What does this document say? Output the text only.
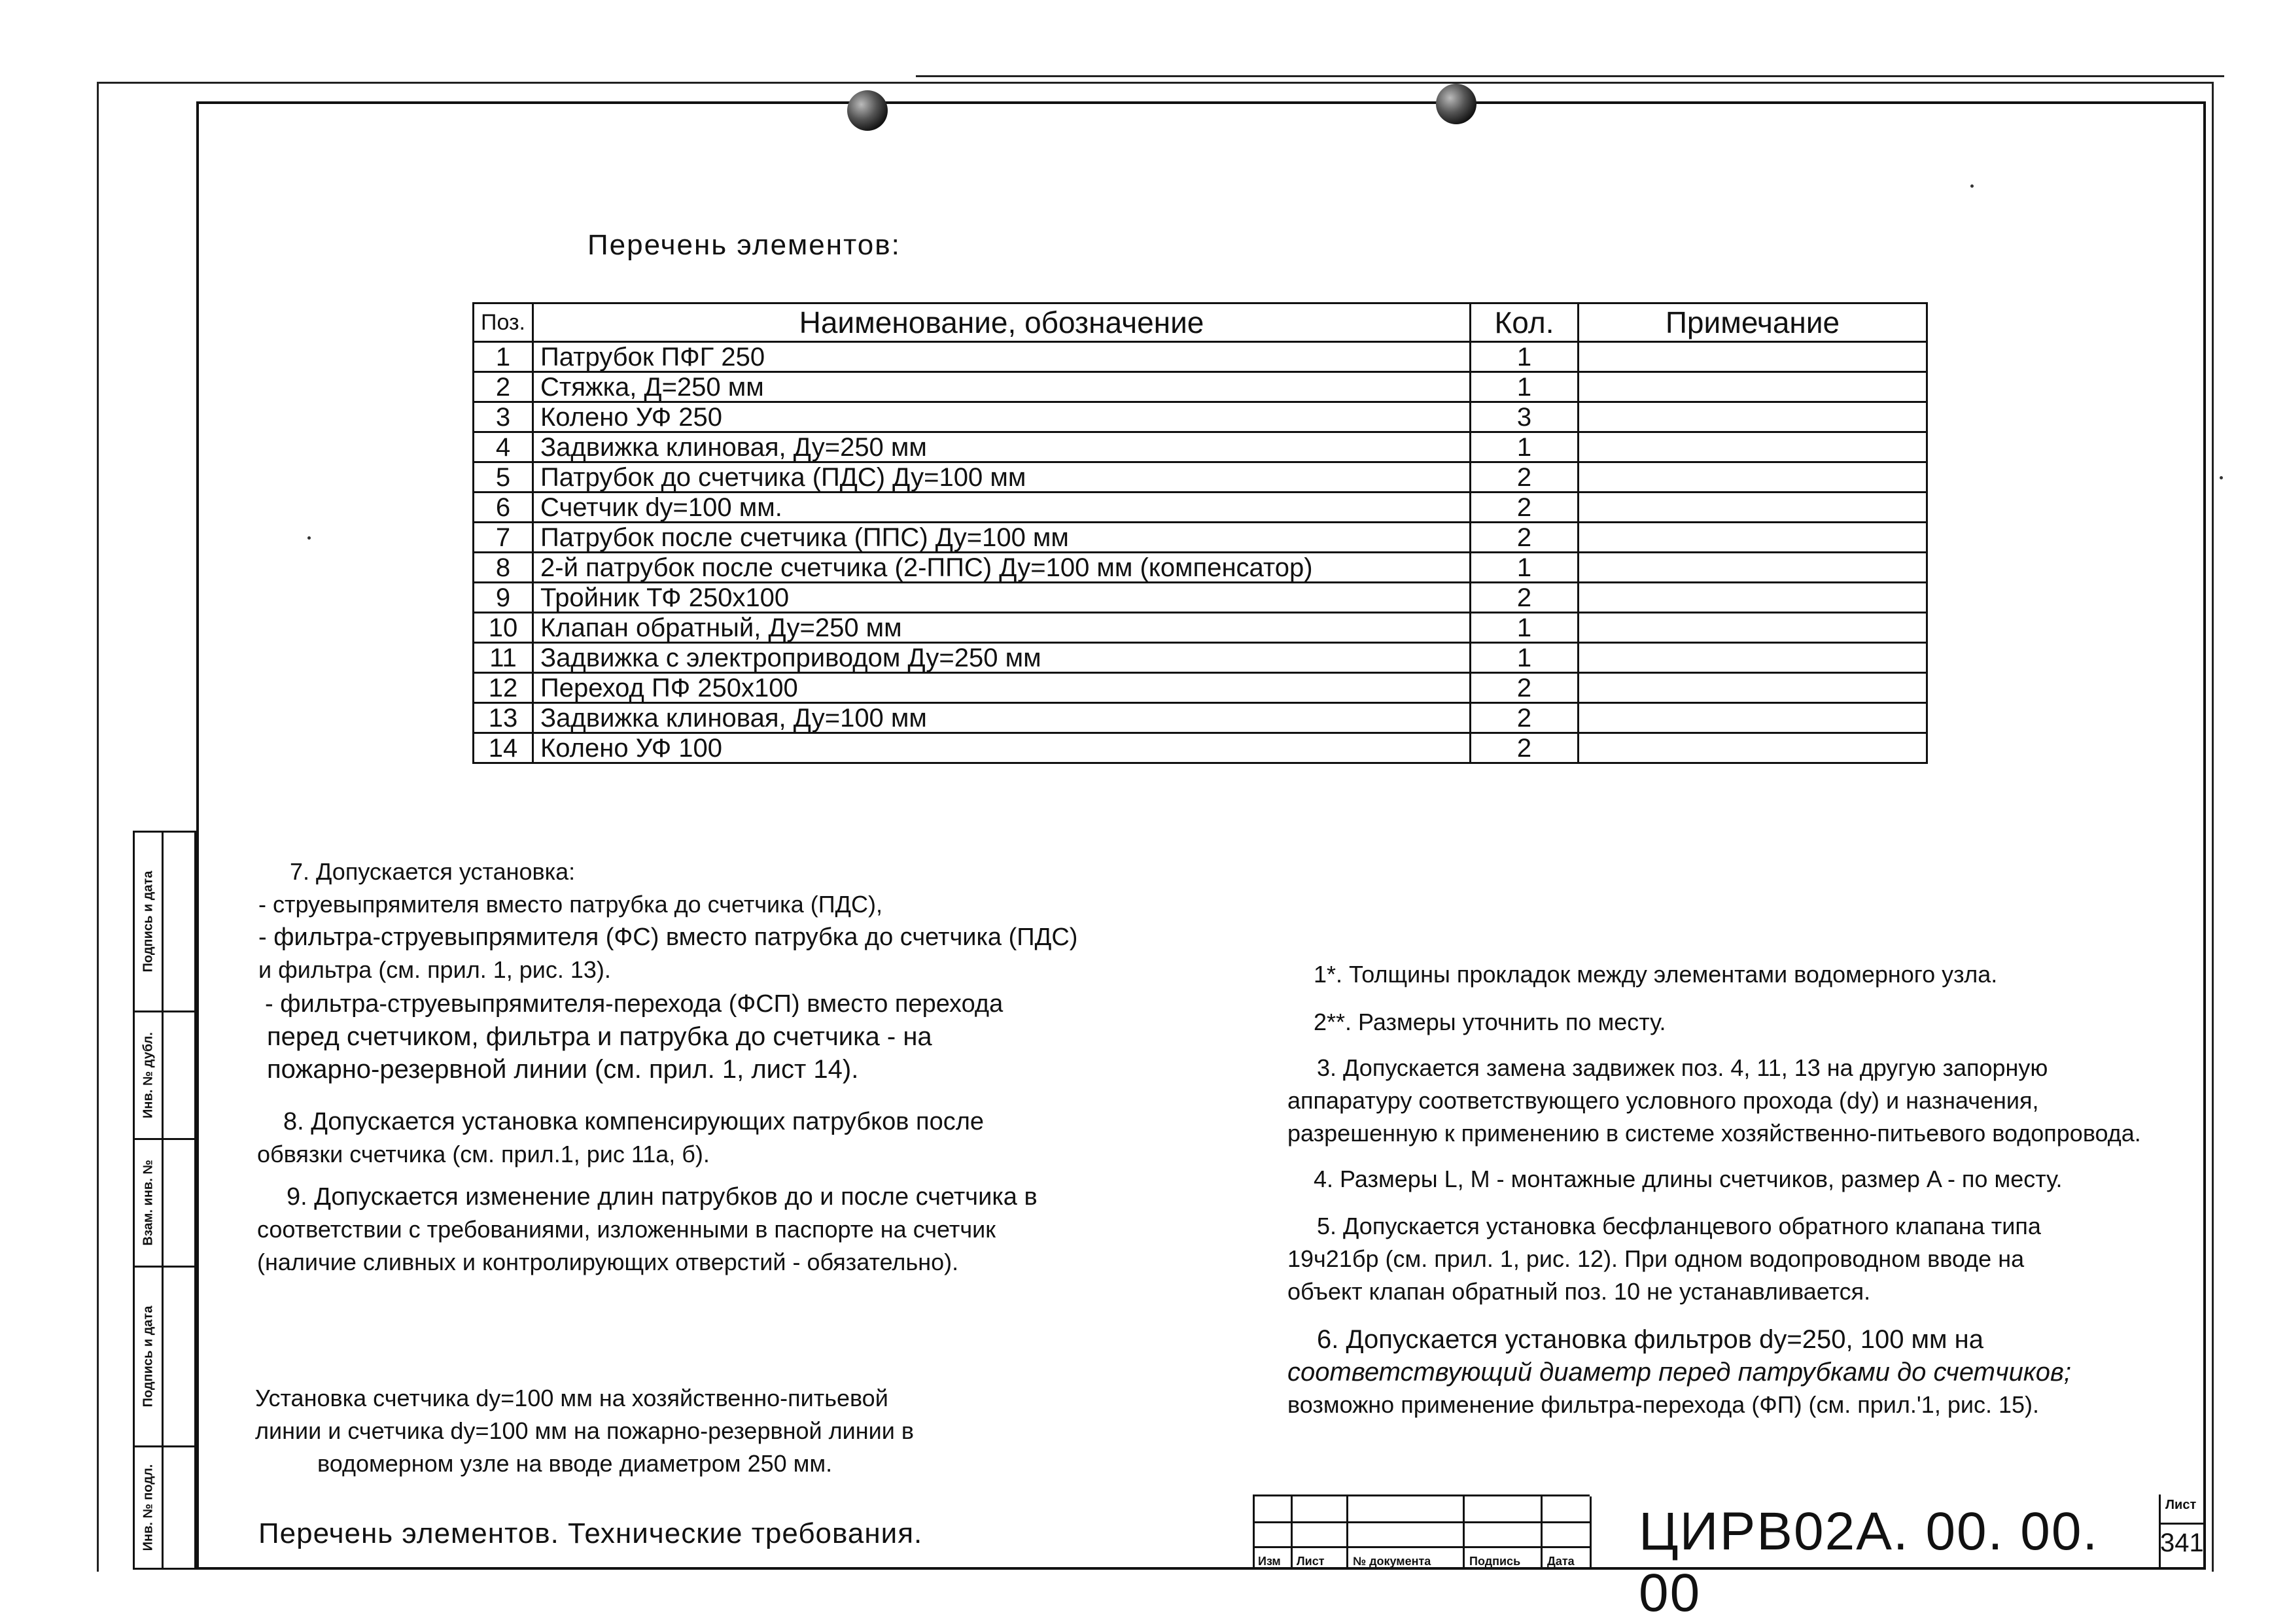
Подпись и дата
Инв. № дубл.
Взам. инв. №
Подпись и дата
Инв. № подл.
Перечень элементов:
Поз.	Наименование, обозначение	Кол.	Примечание
1	Патрубок ПФГ 250	1	
2	Стяжка, Д=250 мм	1	
3	Колено УФ 250	3	
4	Задвижка клиновая, Ду=250 мм	1	
5	Патрубок до счетчика (ПДС) Ду=100 мм	2	
6	Счетчик dy=100 мм.	2	
7	Патрубок после счетчика (ППС) Ду=100 мм	2	
8	2-й патрубок после счетчика (2-ППС) Ду=100 мм (компенсатор)	1	
9	Тройник ТФ 250х100	2	
10	Клапан обратный, Ду=250 мм	1	
11	Задвижка с электроприводом Ду=250 мм	1	
12	Переход ПФ 250х100	2	
13	Задвижка клиновая, Ду=100 мм	2	
14	Колено УФ 100	2	
7. Допускается установка:
- струевыпрямителя вместо патрубка до счетчика (ПДС),
- фильтра-струевыпрямителя (ФС) вместо патрубка до счетчика (ПДС)
и фильтра (см. прил. 1, рис. 13).
- фильтра-струевыпрямителя-перехода (ФСП) вместо перехода
перед счетчиком, фильтра и патрубка до счетчика - на
пожарно-резервной линии (см. прил. 1, лист 14).
8. Допускается установка компенсирующих патрубков после
обвязки счетчика (см. прил.1, рис 11а, б).
9. Допускается изменение длин патрубков до и после счетчика в
соответствии с требованиями, изложенными в паспорте на счетчик
(наличие сливных и контролирующих отверстий - обязательно).
Установка счетчика dy=100 мм на хозяйственно-питьевой
линии и счетчика dy=100 мм на пожарно-резервной линии в
водомерном узле на вводе диаметром 250 мм.
1*. Толщины прокладок между элементами водомерного узла.
2**. Размеры уточнить по месту.
3. Допускается замена задвижек поз. 4, 11, 13 на другую запорную
аппаратуру соответствующего условного прохода (dy) и назначения,
разрешенную к применению в системе хозяйственно-питьевого водопровода.
4. Размеры L, M - монтажные длины счетчиков, размер A - по месту.
5. Допускается установка бесфланцевого обратного клапана типа
19ч21бр (см. прил. 1, рис. 12). При одном водопроводном вводе на
объект клапан обратный поз. 10 не устанавливается.
6. Допускается установка фильтров dy=250, 100 мм на
соответствующий диаметр перед патрубками до счетчиков;
возможно применение фильтра-перехода (ФП) (см. прил.'1, рис. 15).
Перечень элементов. Технические требования.
Изм Лист № документа	Подпись Дата ЦИРВ02А. 00. 00. 00
Лист
341
